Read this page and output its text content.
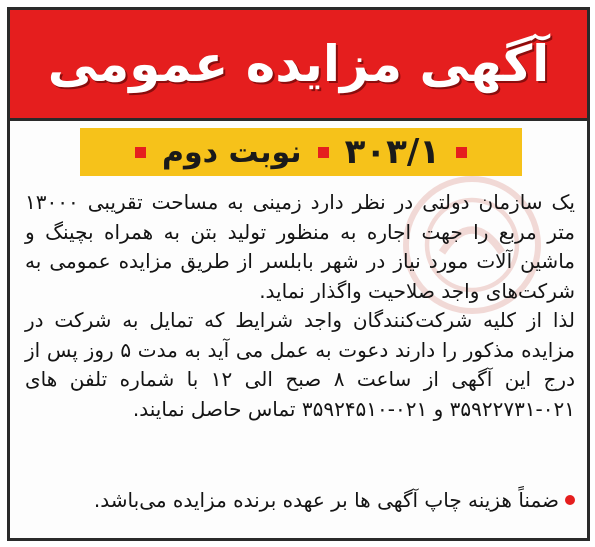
آگهی مزایده عمومی
۳۰۳/۱
نوبت دوم

یک سازمان دولتی در نظر دارد زمینی به مساحت تقریبی ۱۳۰۰۰ متر مربع را جهت اجاره به منظور تولید بتن به همراه بچینگ و ماشین آلات مورد نیاز در شهر بابلسر از طریق مزایده عمومی به شرکت‌های واجد صلاحیت واگذار نماید.

لذا از کلیه شرکت‌کنندگان واجد شرایط که تمایل به شرکت در مزایده مذکور را دارند دعوت به عمل می آید به مدت ۵ روز پس از درج این آگهی از ساعت ۸ صبح الی ۱۲ با شماره تلفن های ۰۲۱-۳۵۹۲۲۷۳۱ و ۰۲۱-۳۵۹۲۴۵۱۰ تماس حاصل نمایند.

ضمناً هزینه چاپ آگهی ها بر عهده برنده مزایده می‌باشد.
